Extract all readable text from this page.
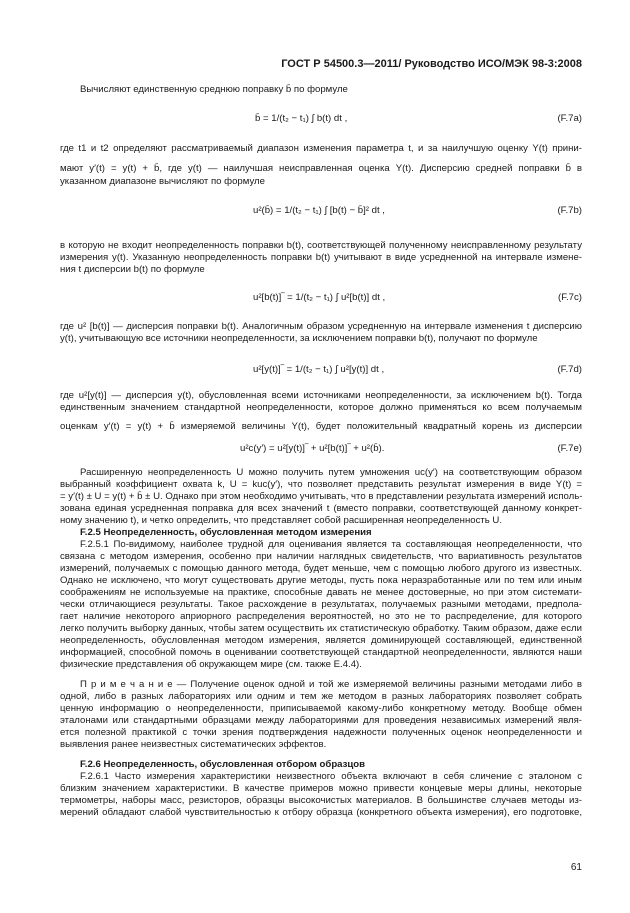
ГОСТ Р 54500.3—2011/ Руководство ИСО/МЭК 98-3:2008
Вычисляют единственную среднюю поправку b̄ по формуле
где t1 и t2 определяют рассматриваемый диапазон изменения параметра t, и за наилучшую оценку Y(t) прини-
мают y′(t) = y(t) + b̄, где y(t) — наилучшая неисправленная оценка Y(t). Дисперсию средней поправки b̄ в
указанном диапазоне вычисляют по формуле
в которую не входит неопределенность поправки b(t), соответствующей полученному неисправленному результату
измерения y(t). Указанную неопределенность поправки b(t) учитывают в виде усредненной на интервале измене-
ния t дисперсии b(t) по формуле
где u² [b(t)] — дисперсия поправки b(t). Аналогичным образом усредненную на интервале изменения t дисперсию
y(t), учитывающую все источники неопределенности, за исключением поправки b(t), получают по формуле
где u²[y(t)] — дисперсия y(t), обусловленная всеми источниками неопределенности, за исключением b(t). Тогда
единственным значением стандартной неопределенности, которое должно применяться ко всем получаемым
оценкам y′(t) = y(t) + b̄ измеряемой величины Y(t), будет положительный квадратный корень из дисперсии
Расширенную неопределенность U можно получить путем умножения uc(y′) на соответствующим образом
выбранный коэффициент охвата k, U = kuc(y′), что позволяет представить результат измерения в виде Y(t) =
= y′(t) ± U = y(t) + b̄ ± U. Однако при этом необходимо учитывать, что в представлении результата измерений исполь-
зована единая усредненная поправка для всех значений t (вместо поправки, соответствующей данному конкрет-
ному значению t), и четко определить, что представляет собой расширенная неопределенность U.
F.2.5 Неопределенность, обусловленная методом измерения
F.2.5.1 По-видимому, наиболее трудной для оценивания является та составляющая неопределенности, что
связана с методом измерения, особенно при наличии наглядных свидетельств, что вариативность результатов
измерений, получаемых с помощью данного метода, будет меньше, чем с помощью любого другого из известных.
Однако не исключено, что могут существовать другие методы, пусть пока неразработанные или по тем или иным
соображениям не используемые на практике, способные давать не менее достоверные, но при этом системати-
чески отличающиеся результаты. Такое расхождение в результатах, получаемых разными методами, предпола-
гает наличие некоторого априорного распределения вероятностей, но это не то распределение, для которого
легко получить выборку данных, чтобы затем осуществить их статистическую обработку. Таким образом, даже если
неопределенность, обусловленная методом измерения, является доминирующей составляющей, единственной
информацией, способной помочь в оценивании соответствующей стандартной неопределенности, являются наши
физические представления об окружающем мире (см. также Е.4.4).
П р и м е ч а н и е — Получение оценок одной и той же измеряемой величины разными методами либо в
одной, либо в разных лабораториях или одним и тем же методом в разных лабораториях позволяет собрать
ценную информацию о неопределенности, приписываемой какому-либо конкретному методу. Вообще обмен
эталонами или стандартными образцами между лабораториями для проведения независимых измерений явля-
ется полезной практикой с точки зрения подтверждения надежности полученных оценок неопределенности и
выявления ранее неизвестных систематических эффектов.
F.2.6 Неопределенность, обусловленная отбором образцов
F.2.6.1 Часто измерения характеристики неизвестного объекта включают в себя сличение с эталоном с
близким значением характеристики. В качестве примеров можно привести концевые меры длины, некоторые
термометры, наборы масс, резисторов, образцы высокочистых материалов. В большинстве случаев методы из-
мерений обладают слабой чувствительностью к отбору образца (конкретного объекта измерения), его подготовке,
b̄ = 1/(t₂ − t₁) ∫ b(t) dt ,	(F.7a)
u²(b̄) = 1/(t₂ − t₁) ∫ [b(t) − b̄]² dt ,	(F.7b)
u²[b(t)]‾ = 1/(t₂ − t₁) ∫ u²[b(t)] dt ,	(F.7c)
u²[y(t)]‾ = 1/(t₂ − t₁) ∫ u²[y(t)] dt ,	(F.7d)
u²c(y′) = u²[y(t)]‾ + u²[b(t)]‾ + u²(b̄).	(F.7e)
61
